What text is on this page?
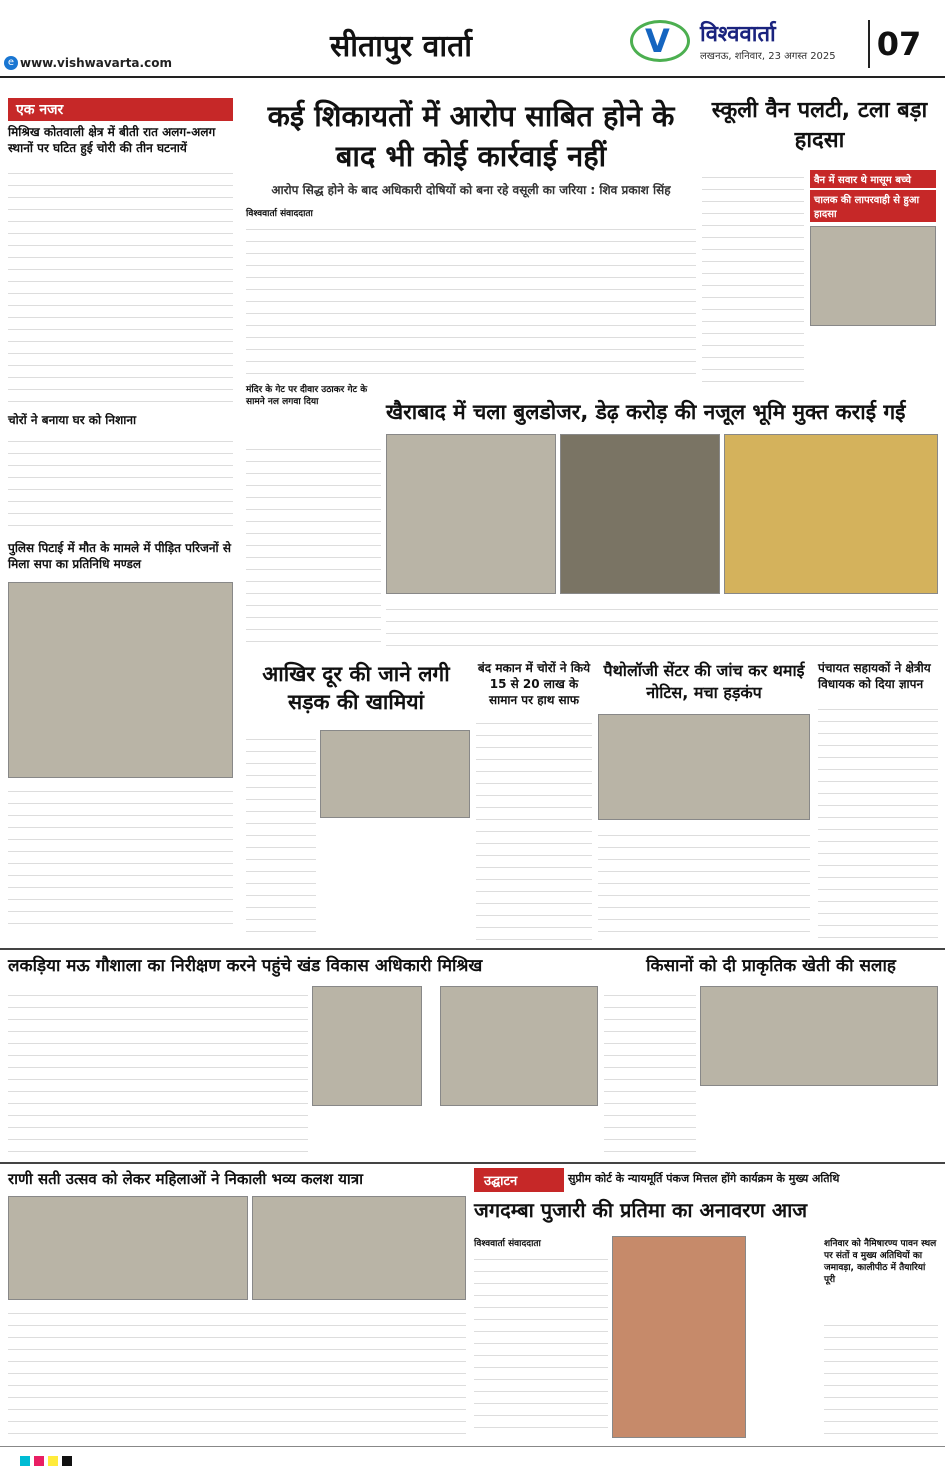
e www.vishwavarta.com	सीतापुर वार्ता	V विश्ववार्ता
लखनऊ, शनिवार, 23 अगस्त 2025 07
एक नजर
मिश्रिख कोतवाली क्षेत्र में बीती रात अलग-अलग स्थानों पर घटित हुई चोरी की तीन घटनायें
चोरों ने बनाया घर को निशाना
पुलिस पिटाई में मौत के मामले में पीड़ित परिजनों से मिला सपा का प्रतिनिधि मण्डल
कई शिकायतों में आरोप साबित होने के बाद भी कोई कार्रवाई नहीं
आरोप सिद्ध होने के बाद अधिकारी दोषियों को बना रहे वसूली का जरिया : शिव प्रकाश सिंह
विश्ववार्ता संवाददाता
मंदिर के गेट पर दीवार उठाकर गेट के सामने नल लगवा दिया
स्कूली वैन पलटी, टला बड़ा हादसा
वैन में सवार थे मासूम बच्चे
चालक की लापरवाही से हुआ हादसा
खैराबाद में चला बुलडोजर, डेढ़ करोड़ की नजूल भूमि मुक्त कराई गई
आखिर दूर की जाने लगी सड़क की खामियां
बंद मकान में चोरों ने किये 15 से 20 लाख के सामान पर हाथ साफ
पैथोलॉजी सेंटर की जांच कर थमाई नोटिस, मचा हड़कंप
पंचायत सहायकों ने क्षेत्रीय विधायक को दिया ज्ञापन
लकड़िया मऊ गौशाला का निरीक्षण करने पहुंचे खंड विकास अधिकारी मिश्रिख	किसानों को दी प्राकृतिक खेती की सलाह
राणी सती उत्सव को लेकर महिलाओं ने निकाली भव्य कलश यात्रा	उद्घाटन	सुप्रीम कोर्ट के न्यायमूर्ति पंकज मित्तल होंगे कार्यक्रम के मुख्य अतिथि
जगदम्बा पुजारी की प्रतिमा का अनावरण आज
विश्ववार्ता संवाददाता	शनिवार को नैमिषारण्य पावन स्थल पर संतों व मुख्य अतिथियों का जमावड़ा, कालीपीठ में तैयारियां पूरी
